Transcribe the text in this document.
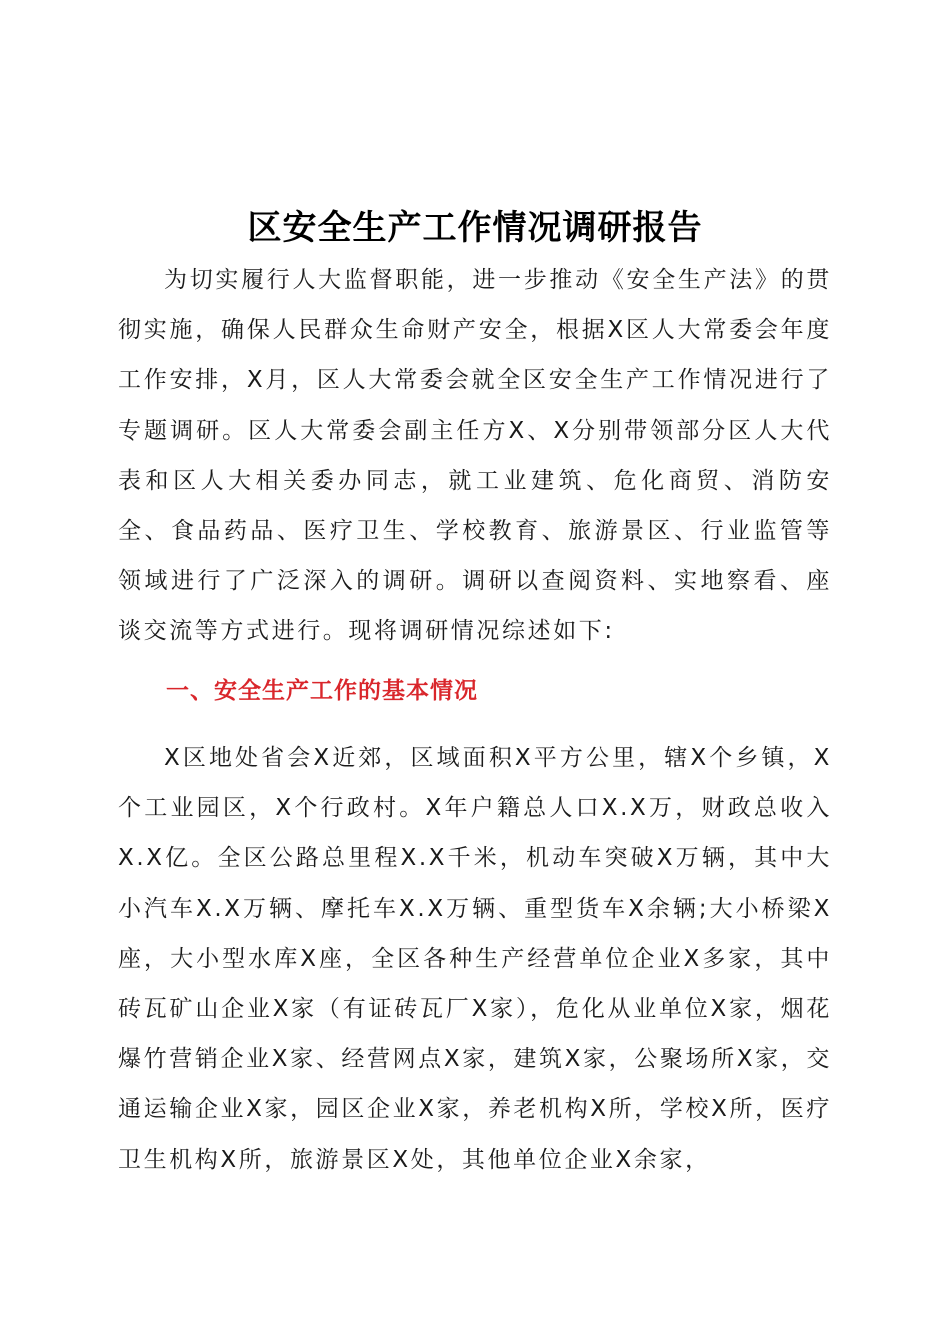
区安全生产工作情况调研报告

为切实履行人大监督职能，进一步推动《安全生产法》的贯彻实施，确保人民群众生命财产安全，根据X区人大常委会年度工作安排，X月，区人大常委会就全区安全生产工作情况进行了专题调研。区人大常委会副主任方X、X分别带领部分区人大代表和区人大相关委办同志，就工业建筑、危化商贸、消防安全、食品药品、医疗卫生、学校教育、旅游景区、行业监管等领域进行了广泛深入的调研。调研以查阅资料、实地察看、座谈交流等方式进行。现将调研情况综述如下:

一、安全生产工作的基本情况

X区地处省会X近郊，区域面积X平方公里，辖X个乡镇，X个工业园区，X个行政村。X年户籍总人口X.X万，财政总收入X.X亿。全区公路总里程X.X千米，机动车突破X万辆，其中大小汽车X.X万辆、摩托车X.X万辆、重型货车X余辆;大小桥梁X座，大小型水库X座，全区各种生产经营单位企业X多家，其中砖瓦矿山企业X家（有证砖瓦厂X家），危化从业单位X家，烟花爆竹营销企业X家、经营网点X家，建筑X家，公聚场所X家，交通运输企业X家，园区企业X家，养老机构X所，学校X所，医疗卫生机构X所，旅游景区X处，其他单位企业X余家，
